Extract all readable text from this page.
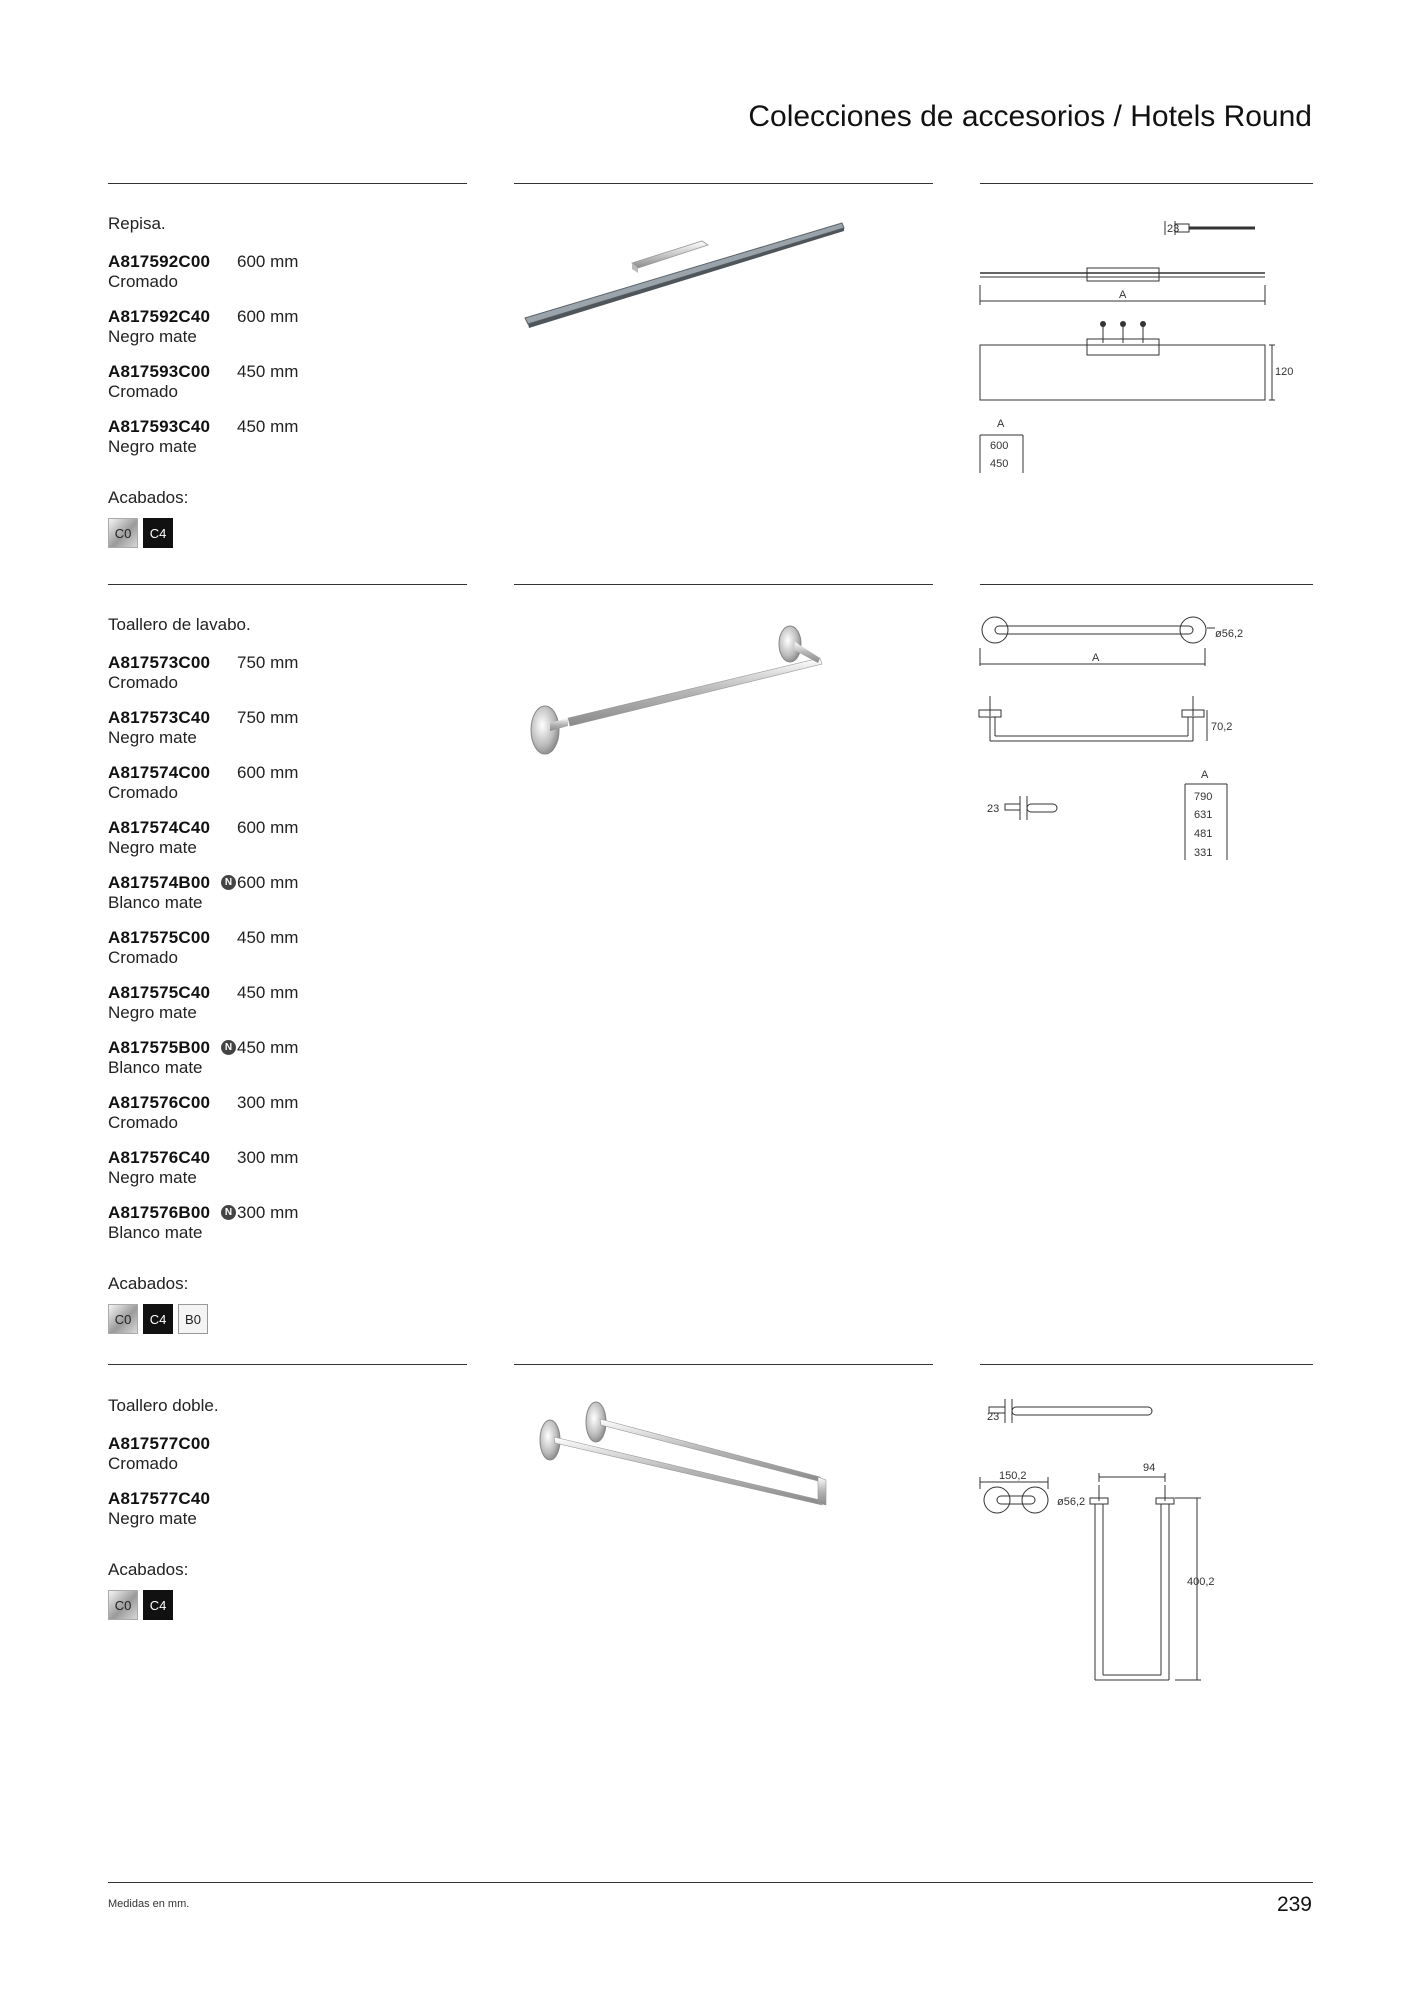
Colecciones de accesorios / Hotels Round
Repisa.
A817592C00 600 mm
Cromado
A817592C40 600 mm
Negro mate
A817593C00 450 mm
Cromado
A817593C40 450 mm
Negro mate
Acabados:
C0	C4
23
A
120
A
600
450
Toallero de lavabo.
A817573C00 750 mm
Cromado
A817573C40 750 mm
Negro mate
A817574C00 600 mm
Cromado
A817574C40 600 mm
Negro mate
A817574B00	N 600 mm
Blanco mate
A817575C00 450 mm
Cromado
A817575C40 450 mm
Negro mate
A817575B00	N 450 mm
Blanco mate
A817576C00 300 mm
Cromado
A817576C40 300 mm
Negro mate
A817576B00	N 300 mm
Blanco mate
Acabados:
C0	C4	B0
ø56,2
A
70,2
23
A
790
631
481
331
Toallero doble.
A817577C00
Cromado
A817577C40
Negro mate
Acabados:
C0	C4
23
150,2
ø56,2
94
400,2
Medidas en mm.	239
